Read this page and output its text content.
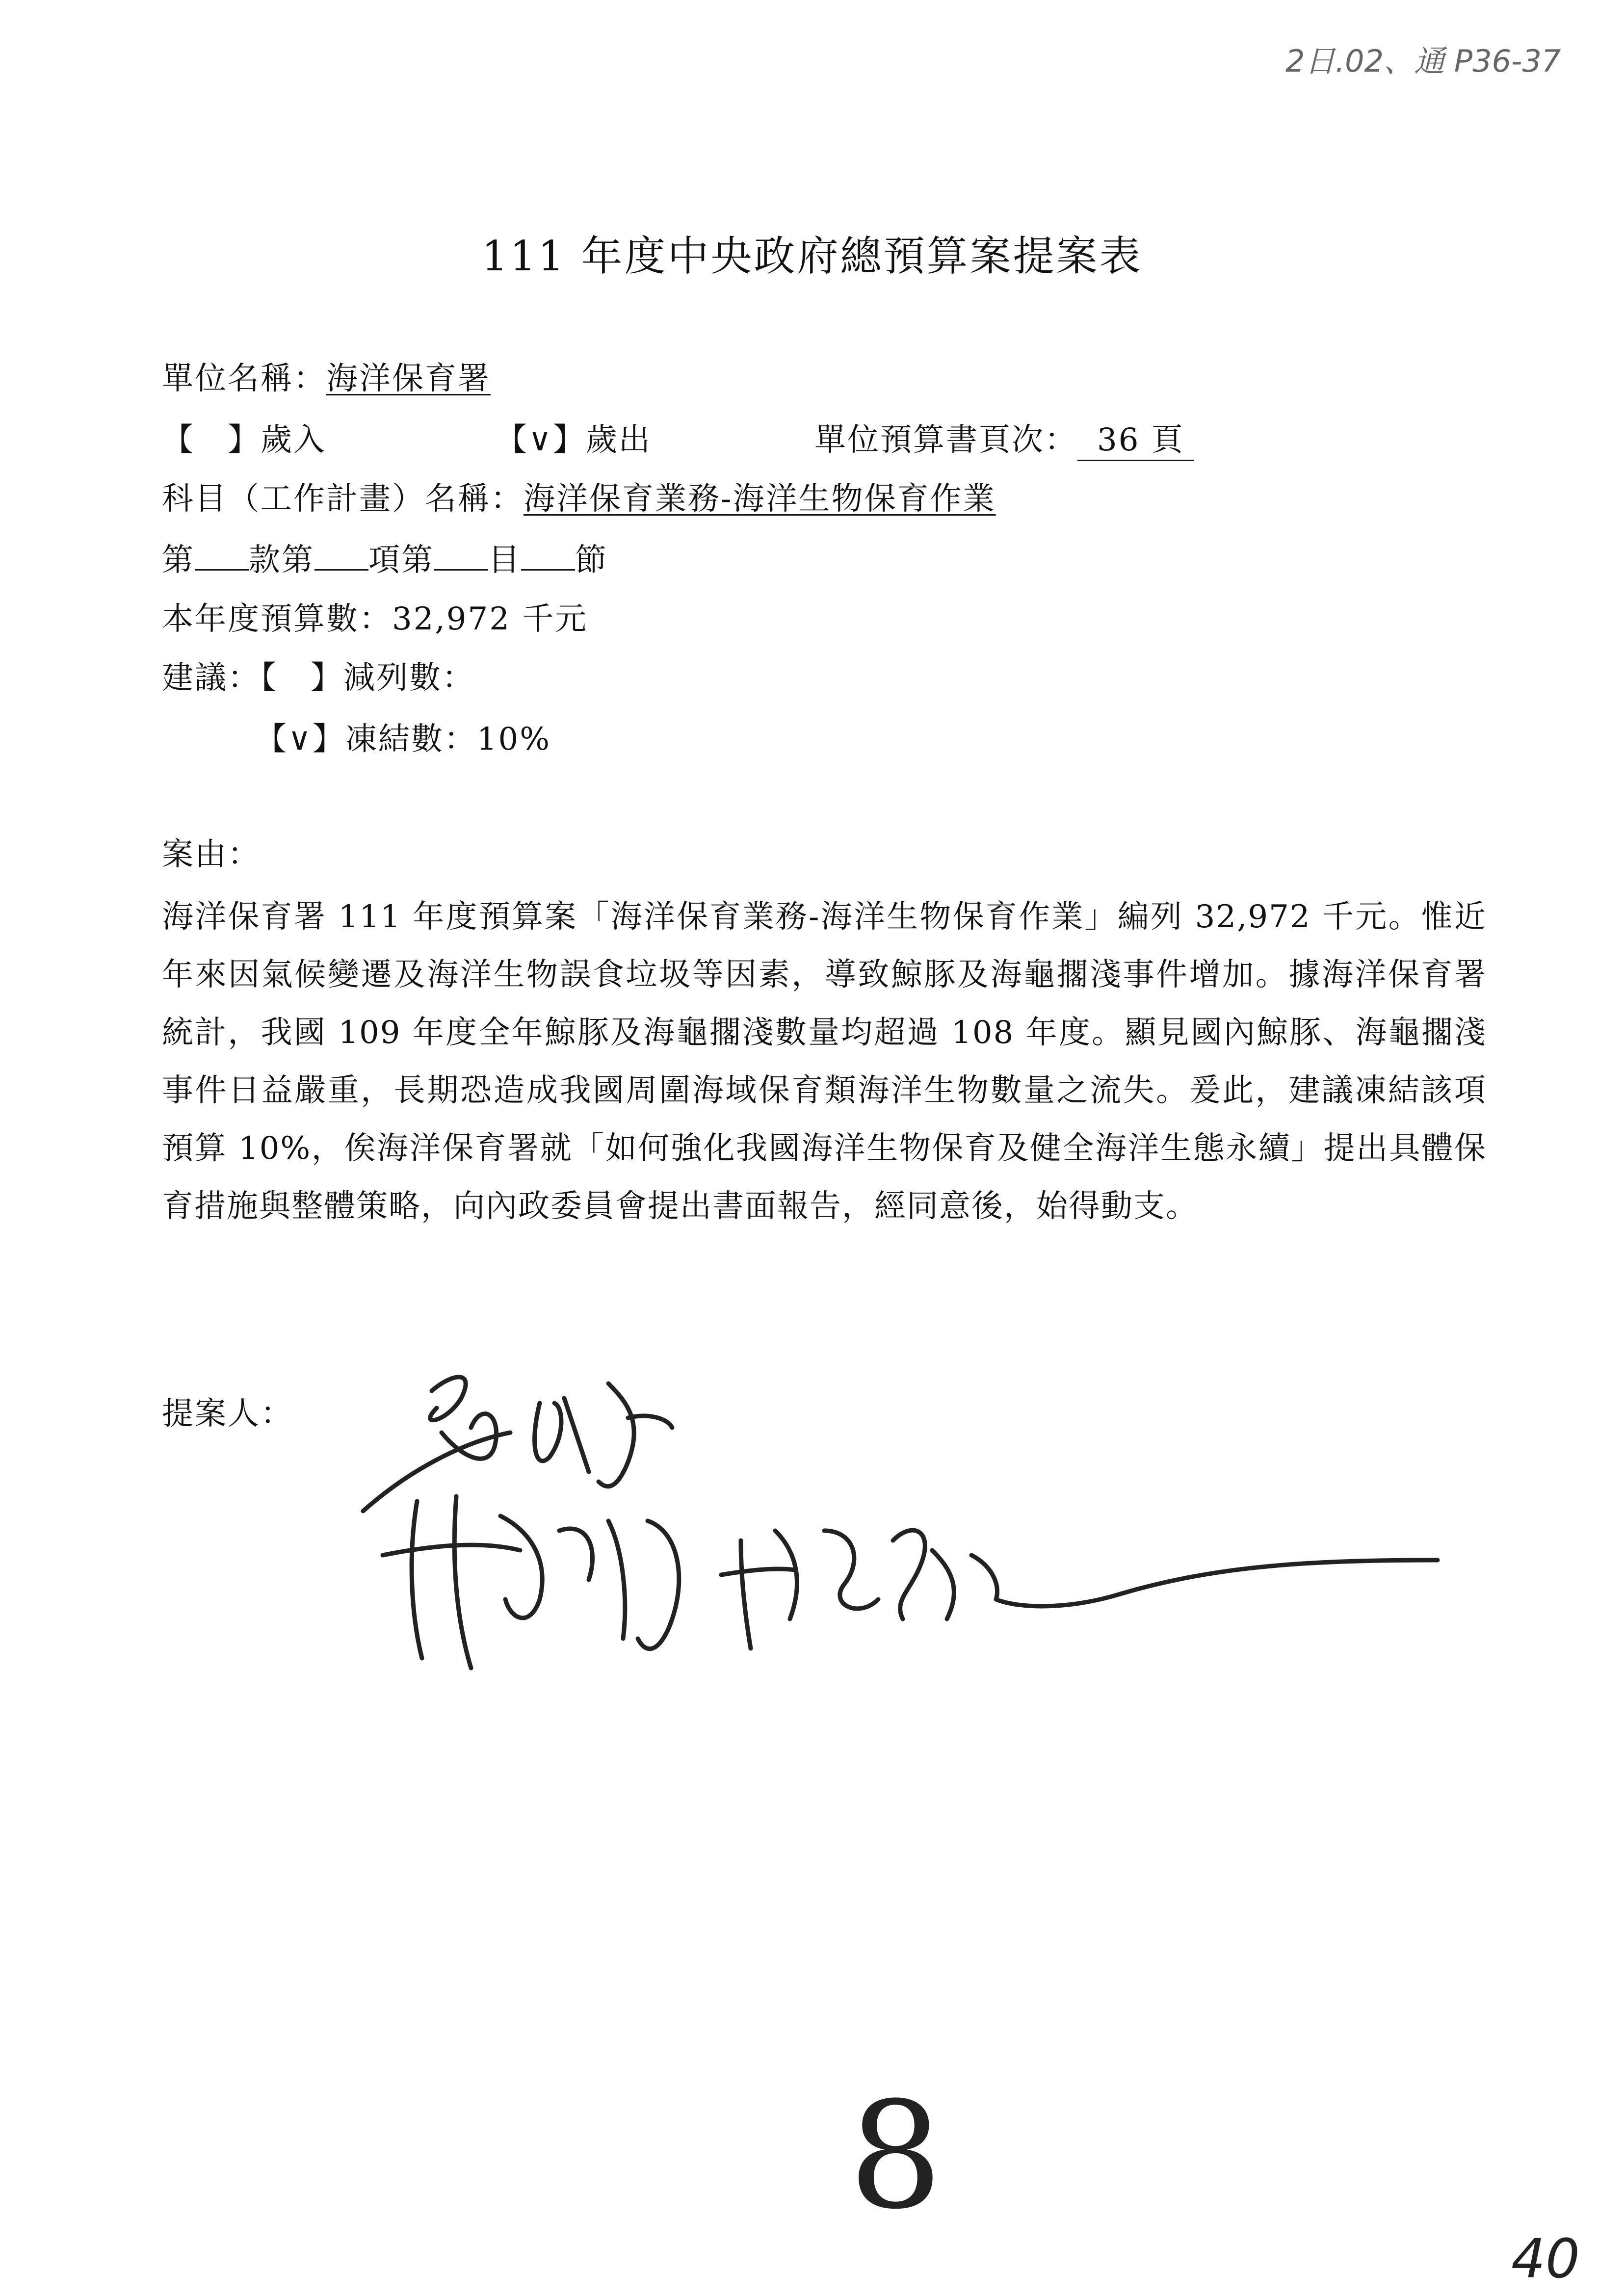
2日.02、通 P36-37
111 年度中央政府總預算案提案表
單位名稱：海洋保育署
【　】歲入	【∨】歲出	單位預算書頁次： 36 頁
科目（工作計畫）名稱：海洋保育業務-海洋生物保育作業
第 款第 項第 目 節
本年度預算數：32,972 千元
建議：【　】減列數：
【∨】凍結數：10%
案由：
海洋保育署 111 年度預算案「海洋保育業務-海洋生物保育作業」編列 32,972 千元。惟近年來因氣候變遷及海洋生物誤食垃圾等因素，導致鯨豚及海龜擱淺事件增加。據海洋保育署統計，我國 109 年度全年鯨豚及海龜擱淺數量均超過 108 年度。顯見國內鯨豚、海龜擱淺事件日益嚴重，長期恐造成我國周圍海域保育類海洋生物數量之流失。爰此，建議凍結該項預算 10%，俟海洋保育署就「如何強化我國海洋生物保育及健全海洋生態永續」提出具體保育措施與整體策略，向內政委員會提出書面報告，經同意後，始得動支。
提案人：
8
40
